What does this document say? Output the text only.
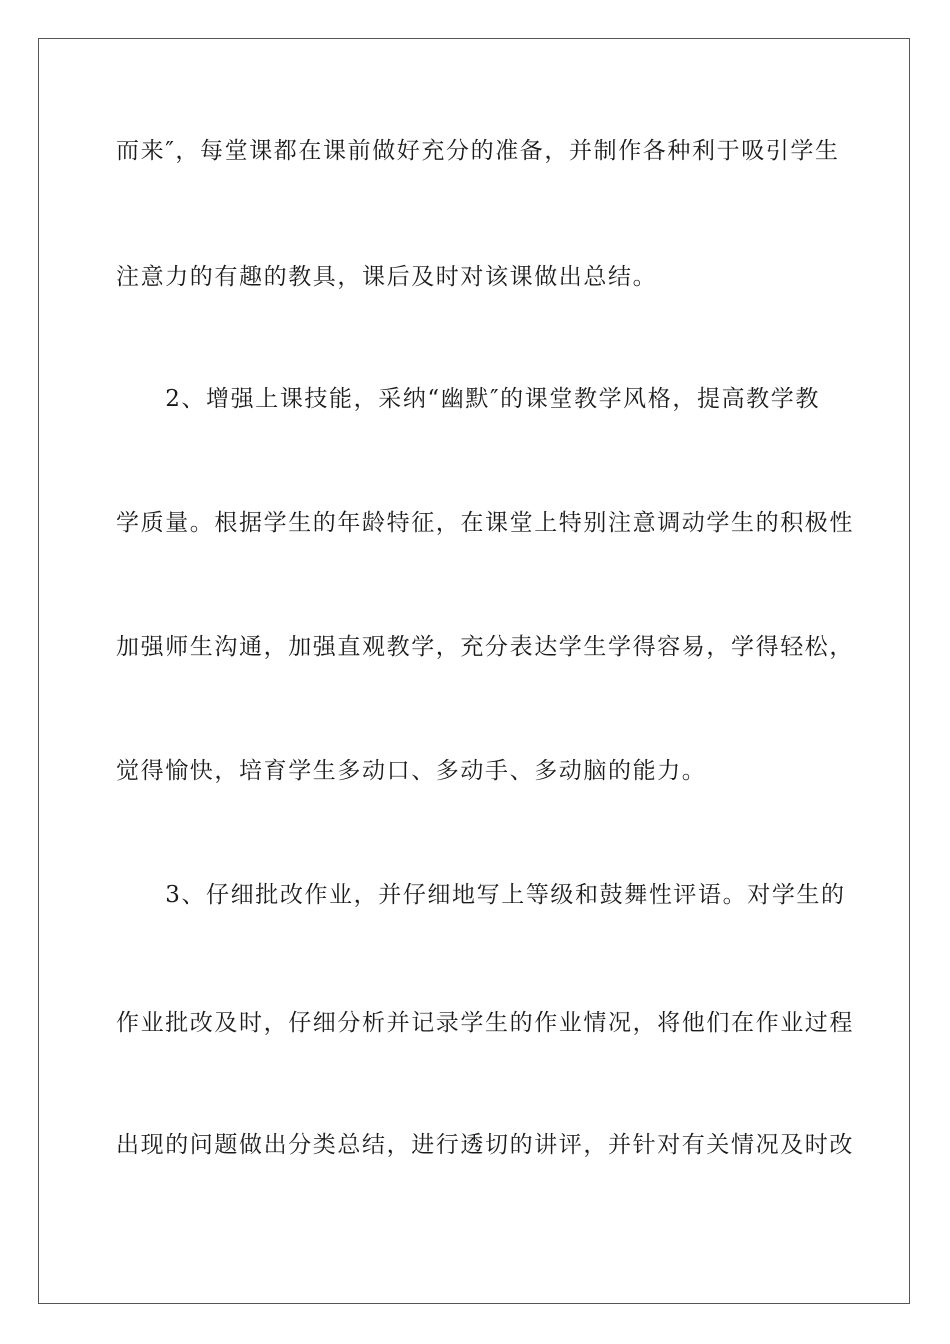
而来″，每堂课都在课前做好充分的准备，并制作各种利于吸引学生
注意力的有趣的教具，课后及时对该课做出总结。
　　2、增强上课技能，采纳“幽默″的课堂教学风格，提高教学教
学质量。根据学生的年龄特征，在课堂上特别注意调动学生的积极性
加强师生沟通，加强直观教学，充分表达学生学得容易，学得轻松，
觉得愉快，培育学生多动口、多动手、多动脑的能力。
　　3、仔细批改作业，并仔细地写上等级和鼓舞性评语。对学生的
作业批改及时，仔细分析并记录学生的作业情况，将他们在作业过程
出现的问题做出分类总结，进行透切的讲评，并针对有关情况及时改
